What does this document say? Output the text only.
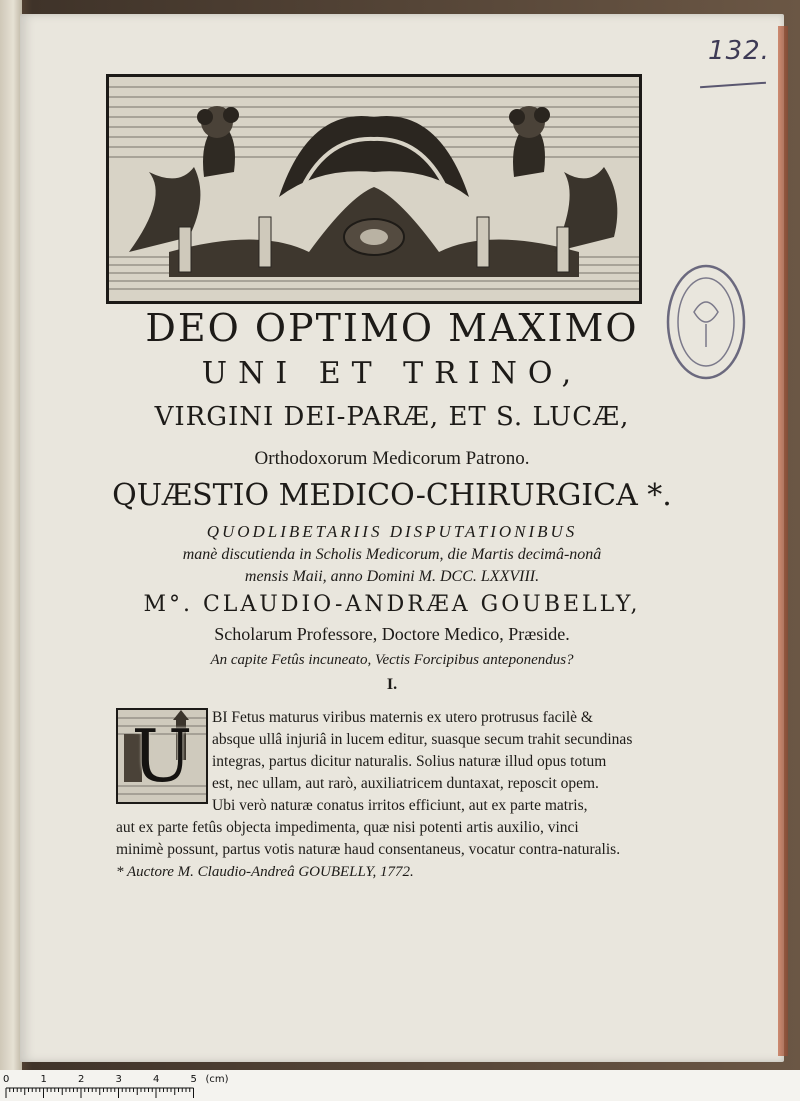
132.
DEO OPTIMO MAXIMO
UNI ET TRINO,
VIRGINI DEI-PARÆ, ET S. LUCÆ,
Orthodoxorum Medicorum Patrono.
QUÆSTIO MEDICO-CHIRURGICA *.
QUODLIBETARIIS DISPUTATIONIBUS
manè discutienda in Scholis Medicorum, die Martis decimâ-nonâ
mensis Maii, anno Domini M. DCC. LXXVIII.
M°. CLAUDIO-ANDRÆA GOUBELLY,
Scholarum Professore, Doctore Medico, Præside.
An capite Fetûs incuneato, Vectis Forcipibus anteponendus?
I.
U	BI Fetus maturus viribus maternis ex utero protrusus facilè &
absque ullâ injuriâ in lucem editur, suasque secum trahit secundinas
integras, partus dicitur naturalis. Solius naturæ illud opus totum
est, nec ullam, aut rarò, auxiliatricem duntaxat, reposcit opem.
Ubi verò naturæ conatus irritos efficiunt, aut ex parte matris,
aut ex parte fetûs objecta impedimenta, quæ nisi potenti artis auxilio, vinci
minimè possunt, partus votis naturæ haud consentaneus, vocatur contra-naturalis.
* Auctore M. Claudio-Andreâ GOUBELLY, 1772.
0	1	2	3	4	5 (cm)
